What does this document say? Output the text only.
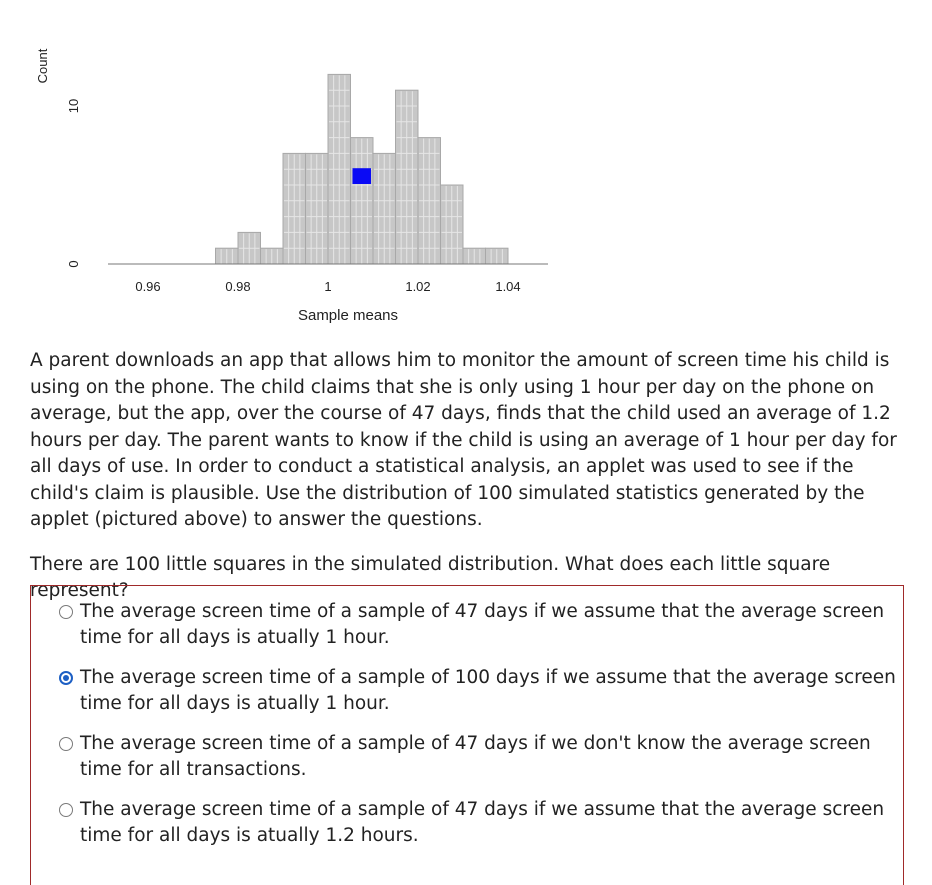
0.96	0.98	1	1.02	1.04
0
10
Sample means
Count

A parent downloads an app that allows him to monitor the amount of screen time his child is using on the phone. The child claims that she is only using 1 hour per day on the phone on average, but the app, over the course of 47 days, finds that the child used an average of 1.2 hours per day. The parent wants to know if the child is using an average of 1 hour per day for all days of use. In order to conduct a statistical analysis, an applet was used to see if the child's claim is plausible. Use the distribution of 100 simulated statistics generated by the applet (pictured above) to answer the questions.

There are 100 little squares in the simulated distribution. What does each little square represent?

The average screen time of a sample of 47 days if we assume that the average screen time for all days is atually 1 hour.
The average screen time of a sample of 100 days if we assume that the average screen time for all days is atually 1 hour.
The average screen time of a sample of 47 days if we don't know the average screen time for all transactions.
The average screen time of a sample of 47 days if we assume that the average screen time for all days is atually 1.2 hours.
